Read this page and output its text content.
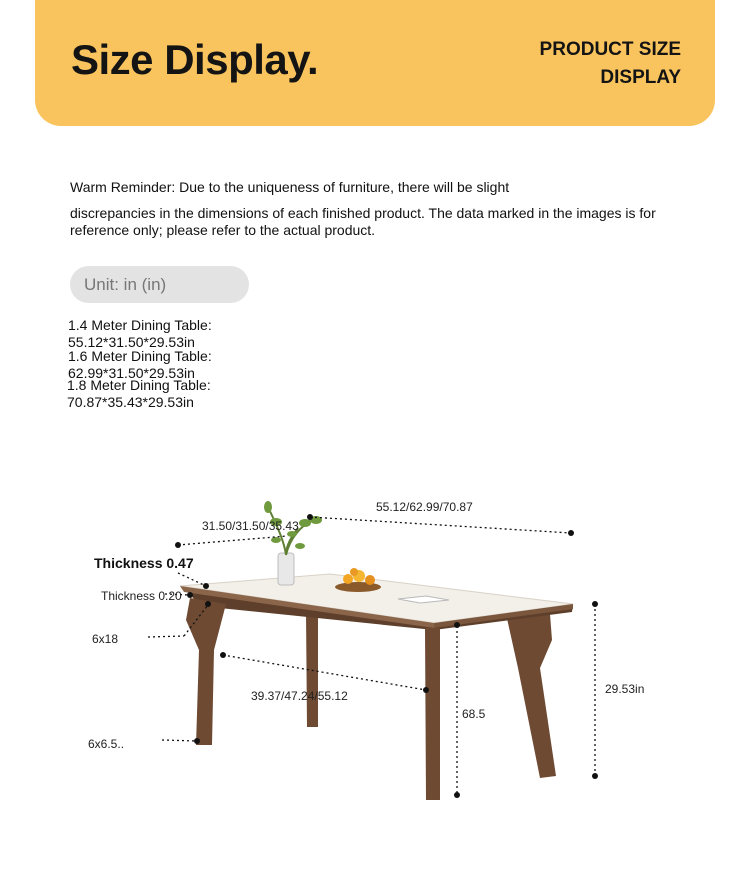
Size Display.	PRODUCT SIZE
DISPLAY
Warm Reminder: Due to the uniqueness of furniture, there will be slight
discrepancies in the dimensions of each finished product. The data marked in the images is for reference only; please refer to the actual product.
Unit: in (in)
1.4 Meter Dining Table:
55.12*31.50*29.53in
1.6 Meter Dining Table:
62.99*31.50*29.53in
1.8 Meter Dining Table:
70.87*35.43*29.53in
55.12/62.99/70.87
31.50/31.50/35.43
Thickness 0.47
Thickness 0.20
6x18
6x6.5..
39.37/47.24/55.12
68.5
29.53in
